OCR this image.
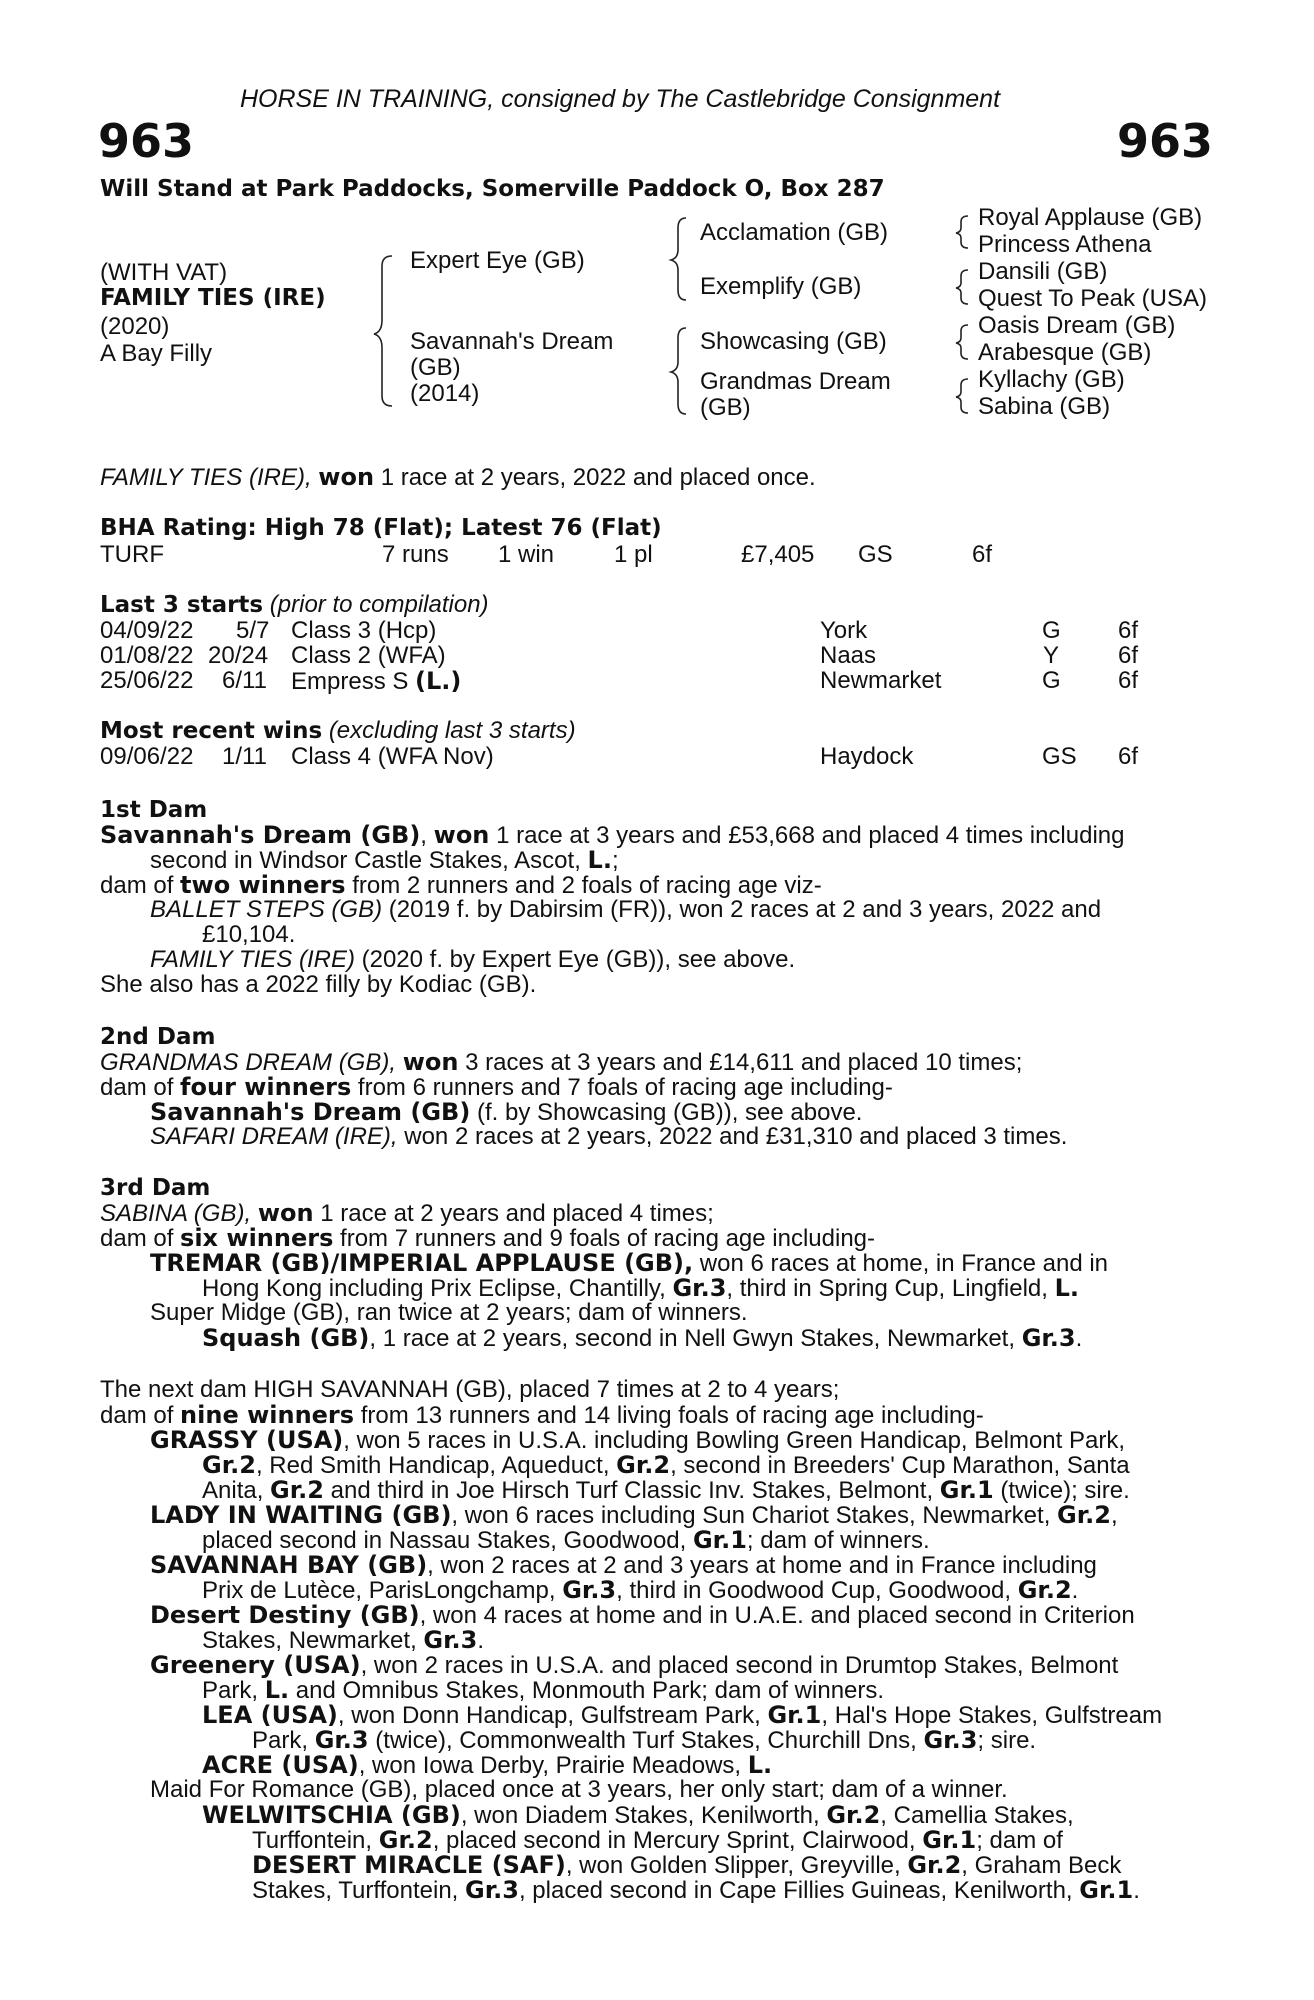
HORSE IN TRAINING, consigned by The Castlebridge Consignment
963	963
Will Stand at Park Paddocks, Somerville Paddock O, Box 287
(WITH VAT)
FAMILY TIES (IRE)
(2020)
A Bay Filly
Expert Eye (GB)
Savannah's Dream
(GB)
(2014)
Acclamation (GB)
Exemplify (GB)
Showcasing (GB)
Grandmas Dream
(GB)
Royal Applause (GB)
Princess Athena
Dansili (GB)
Quest To Peak (USA)
Oasis Dream (GB)
Arabesque (GB)
Kyllachy (GB)
Sabina (GB)
FAMILY TIES (IRE), won 1 race at 2 years, 2022 and placed once.
BHA Rating: High 78 (Flat); Latest 76 (Flat)
TURF	7 runs 1 win 1 pl	£7,405 GS	6f
Last 3 starts (prior to compilation)
04/09/22 5/7 Class 3 (Hcp)	York	G 6f
01/08/22 20/24 Class 2 (WFA)	Naas	Y 6f
25/06/22 6/11 Empress S (L.)	Newmarket	G 6f
Most recent wins (excluding last 3 starts)
09/06/22 1/11 Class 4 (WFA Nov)	Haydock	GS 6f
1st Dam
Savannah's Dream (GB), won 1 race at 3 years and £53,668 and placed 4 times including
second in Windsor Castle Stakes, Ascot, L.;
dam of two winners from 2 runners and 2 foals of racing age viz-
BALLET STEPS (GB) (2019 f. by Dabirsim (FR)), won 2 races at 2 and 3 years, 2022 and
£10,104.
FAMILY TIES (IRE) (2020 f. by Expert Eye (GB)), see above.
She also has a 2022 filly by Kodiac (GB).
2nd Dam
GRANDMAS DREAM (GB), won 3 races at 3 years and £14,611 and placed 10 times;
dam of four winners from 6 runners and 7 foals of racing age including-
Savannah's Dream (GB) (f. by Showcasing (GB)), see above.
SAFARI DREAM (IRE), won 2 races at 2 years, 2022 and £31,310 and placed 3 times.
3rd Dam
SABINA (GB), won 1 race at 2 years and placed 4 times;
dam of six winners from 7 runners and 9 foals of racing age including-
TREMAR (GB)/IMPERIAL APPLAUSE (GB), won 6 races at home, in France and in
Hong Kong including Prix Eclipse, Chantilly, Gr.3, third in Spring Cup, Lingfield, L.
Super Midge (GB), ran twice at 2 years; dam of winners.
Squash (GB), 1 race at 2 years, second in Nell Gwyn Stakes, Newmarket, Gr.3.
The next dam HIGH SAVANNAH (GB), placed 7 times at 2 to 4 years;
dam of nine winners from 13 runners and 14 living foals of racing age including-
GRASSY (USA), won 5 races in U.S.A. including Bowling Green Handicap, Belmont Park,
Gr.2, Red Smith Handicap, Aqueduct, Gr.2, second in Breeders' Cup Marathon, Santa
Anita, Gr.2 and third in Joe Hirsch Turf Classic Inv. Stakes, Belmont, Gr.1 (twice); sire.
LADY IN WAITING (GB), won 6 races including Sun Chariot Stakes, Newmarket, Gr.2,
placed second in Nassau Stakes, Goodwood, Gr.1; dam of winners.
SAVANNAH BAY (GB), won 2 races at 2 and 3 years at home and in France including
Prix de Lutèce, ParisLongchamp, Gr.3, third in Goodwood Cup, Goodwood, Gr.2.
Desert Destiny (GB), won 4 races at home and in U.A.E. and placed second in Criterion
Stakes, Newmarket, Gr.3.
Greenery (USA), won 2 races in U.S.A. and placed second in Drumtop Stakes, Belmont
Park, L. and Omnibus Stakes, Monmouth Park; dam of winners.
LEA (USA), won Donn Handicap, Gulfstream Park, Gr.1, Hal's Hope Stakes, Gulfstream
Park, Gr.3 (twice), Commonwealth Turf Stakes, Churchill Dns, Gr.3; sire.
ACRE (USA), won Iowa Derby, Prairie Meadows, L.
Maid For Romance (GB), placed once at 3 years, her only start; dam of a winner.
WELWITSCHIA (GB), won Diadem Stakes, Kenilworth, Gr.2, Camellia Stakes,
Turffontein, Gr.2, placed second in Mercury Sprint, Clairwood, Gr.1; dam of
DESERT MIRACLE (SAF), won Golden Slipper, Greyville, Gr.2, Graham Beck
Stakes, Turffontein, Gr.3, placed second in Cape Fillies Guineas, Kenilworth, Gr.1.
